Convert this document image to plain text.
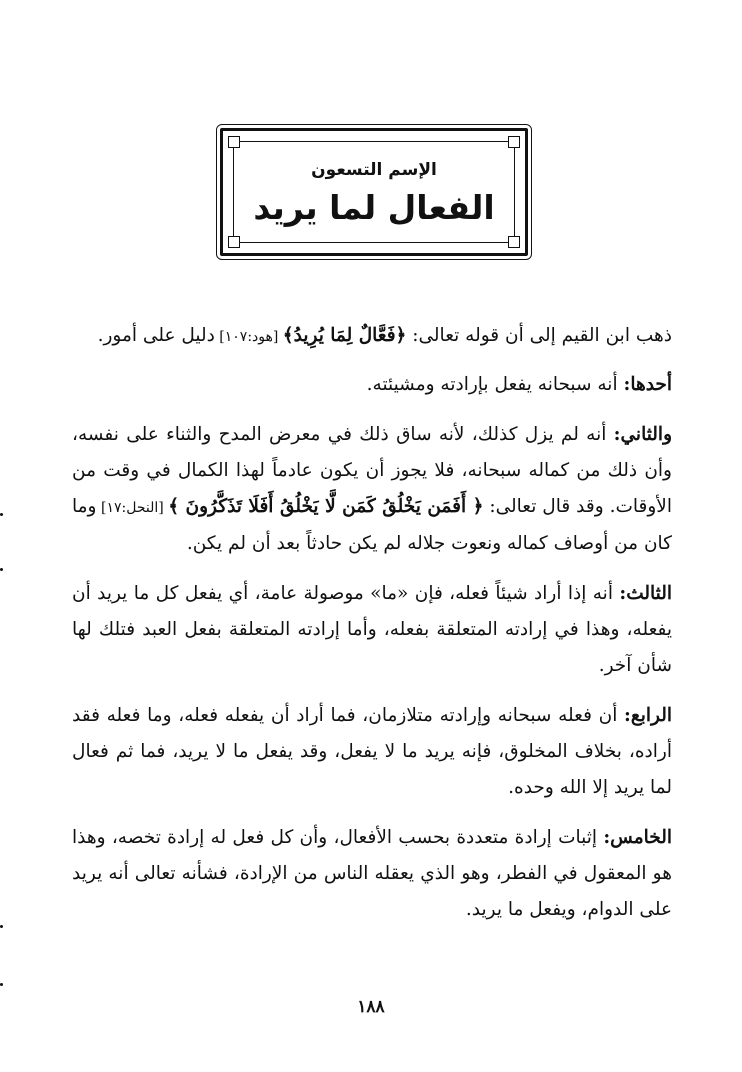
الإسم التسعون
الفعال لما يريد

ذهب ابن القيم إلى أن قوله تعالى: ﴿فَعَّالٌ لِمَا يُرِيدُ﴾ [هود:١٠٧] دليل على أمور.

أحدها: أنه سبحانه يفعل بإرادته ومشيئته.

والثاني: أنه لم يزل كذلك، لأنه ساق ذلك في معرض المدح والثناء على نفسه، وأن ذلك من كماله سبحانه، فلا يجوز أن يكون عادماً لهذا الكمال في وقت من الأوقات. وقد قال تعالى: ﴿ أَفَمَن يَخْلُقُ كَمَن لَّا يَخْلُقُ أَفَلَا تَذَكَّرُونَ ﴾ [النحل:١٧] وما كان من أوصاف كماله ونعوت جلاله لم يكن حادثاً بعد أن لم يكن.

الثالث: أنه إذا أراد شيئاً فعله، فإن «ما» موصولة عامة، أي يفعل كل ما يريد أن يفعله، وهذا في إرادته المتعلقة بفعله، وأما إرادته المتعلقة بفعل العبد فتلك لها شأن آخر.

الرابع: أن فعله سبحانه وإرادته متلازمان، فما أراد أن يفعله فعله، وما فعله فقد أراده، بخلاف المخلوق، فإنه يريد ما لا يفعل، وقد يفعل ما لا يريد، فما ثم فعال لما يريد إلا الله وحده.

الخامس: إثبات إرادة متعددة بحسب الأفعال، وأن كل فعل له إرادة تخصه، وهذا هو المعقول في الفطر، وهو الذي يعقله الناس من الإرادة، فشأنه تعالى أنه يريد على الدوام، ويفعل ما يريد.

١٨٨
